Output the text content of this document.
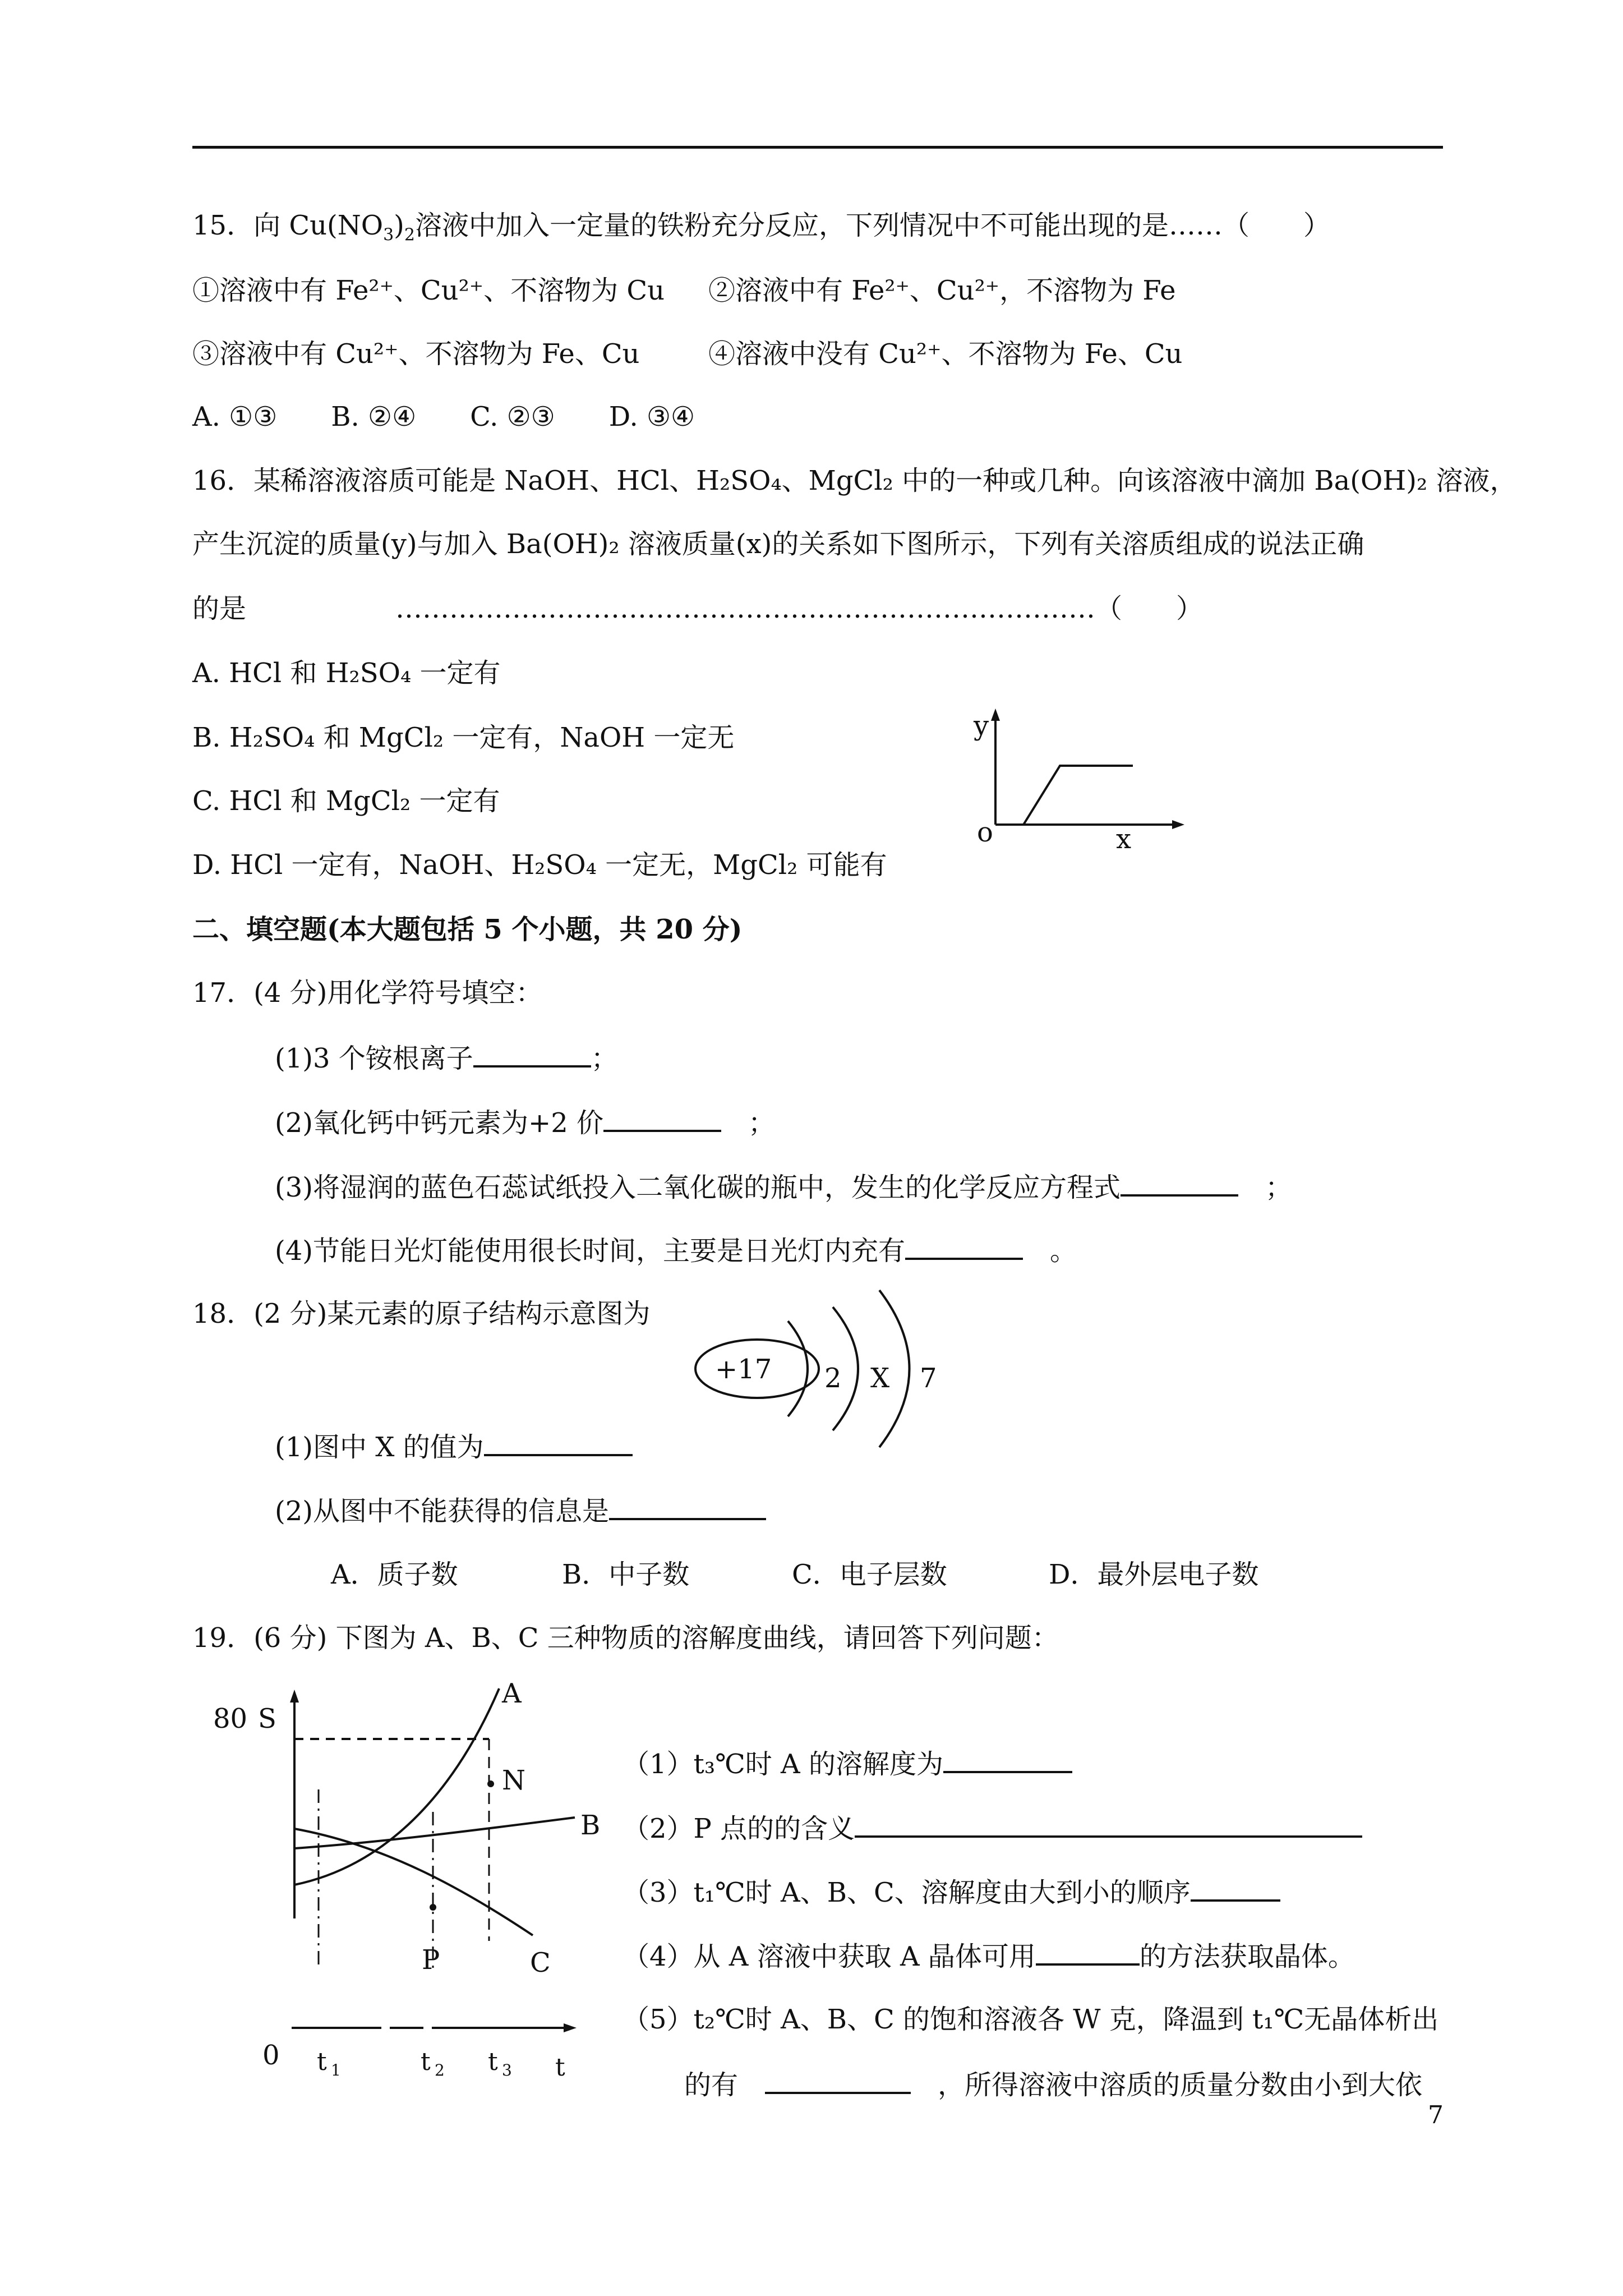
15．向 $Cu(NO_3)_2$溶液中加入一定量的铁粉充分反应，下列情况中不可能出现的是……（　　）
①溶液中有 Fe²⁺、Cu²⁺、不溶物为 Cu ②溶液中有 Fe²⁺、Cu²⁺，不溶物为 Fe
③溶液中有 Cu²⁺、不溶物为 Fe、Cu	④溶液中没有 Cu²⁺、不溶物为 Fe、Cu
A. ①③　　B. ②④　　C. ②③　　D. ③④
16．某稀溶液溶质可能是 NaOH、HCl、H₂SO₄、MgCl₂ 中的一种或几种。向该溶液中滴加 Ba(OH)₂ 溶液，
产生沉淀的质量(y)与加入 Ba(OH)₂ 溶液质量(x)的关系如下图所示，下列有关溶质组成的说法正确
的是	……………………………………………………………………（　　）
A. HCl 和 H₂SO₄ 一定有
B. H₂SO₄ 和 MgCl₂ 一定有，NaOH 一定无
C. HCl 和 MgCl₂ 一定有
D. HCl 一定有，NaOH、H₂SO₄ 一定无，MgCl₂ 可能有
y
x
o
二、填空题(本大题包括 5 个小题，共 20 分)
17．(4 分)用化学符号填空：
(1)3 个铵根离子	；
(2)氧化钙中钙元素为+2 价　	；
(3)将湿润的蓝色石蕊试纸投入二氧化碳的瓶中，发生的化学反应方程式　	；
(4)节能日光灯能使用很长时间，主要是日光灯内充有　	。
18．(2 分)某元素的原子结构示意图为
+17 2 X 7
(1)图中 X 的值为
(2)从图中不能获得的信息是
A．质子数	B．中子数	C．电子层数	D．最外层电子数
19．(6 分) 下图为 A、B、C 三种物质的溶解度曲线，请回答下列问题：
80 S
A
N
B
P	C
0 t 1	t 2 t 3 t
（1）t₃℃时 A 的溶解度为
（2）P 点的的含义
（3）t₁℃时 A、B、C、溶解度由大到小的顺序
（4）从 A 溶液中获取 A 晶体可用	的方法获取晶体。
（5）t₂℃时 A、B、C 的饱和溶液各 W 克，降温到 t₁℃无晶体析出
的有　　	，所得溶液中溶质的质量分数由小到大依
7
